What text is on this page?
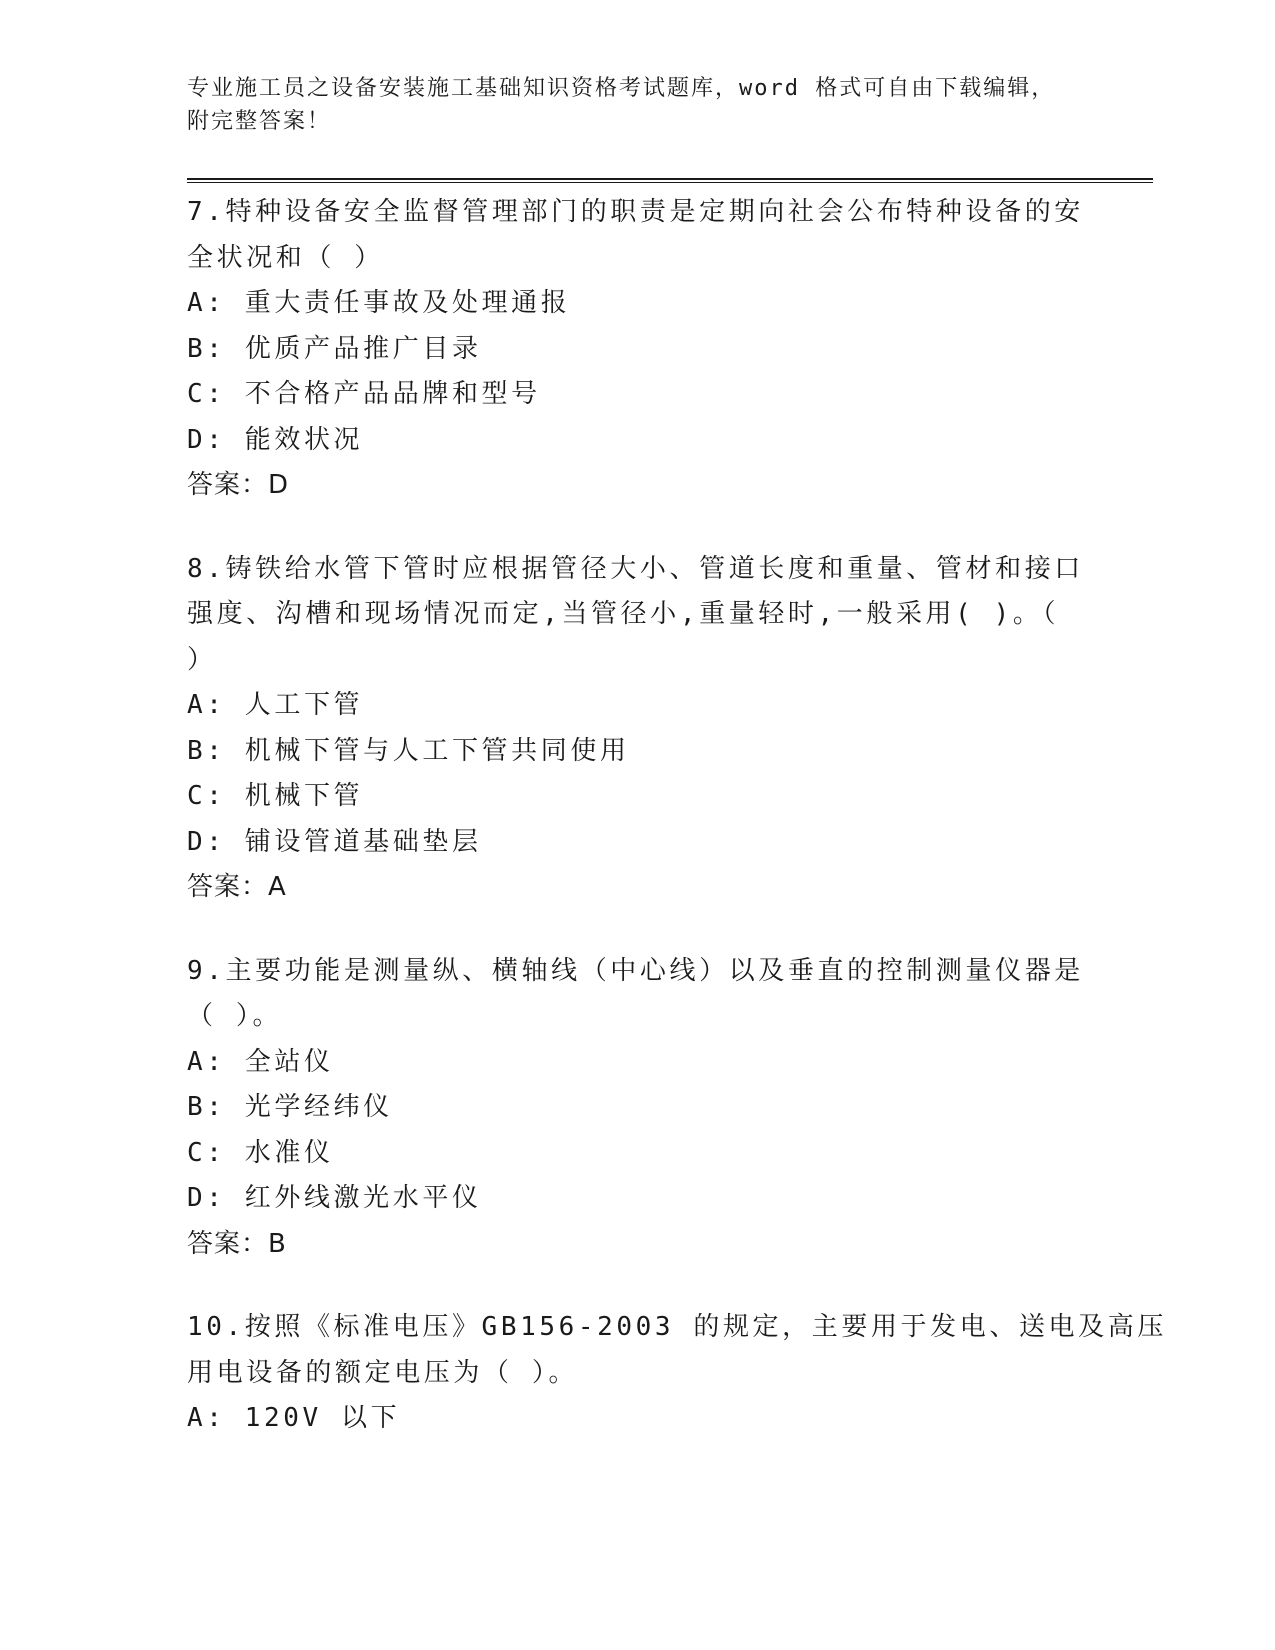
专业施工员之设备安装施工基础知识资格考试题库，word 格式可自由下载编辑，
附完整答案！
7.特种设备安全监督管理部门的职责是定期向社会公布特种设备的安
全状况和（ ）
A: 重大责任事故及处理通报
B: 优质产品推广目录
C: 不合格产品品牌和型号
D: 能效状况
答案：D
8.铸铁给水管下管时应根据管径大小、管道长度和重量、管材和接口
强度、沟槽和现场情况而定,当管径小,重量轻时,一般采用( )。（
）
A: 人工下管
B: 机械下管与人工下管共同使用
C: 机械下管
D: 铺设管道基础垫层
答案：A
9.主要功能是测量纵、横轴线（中心线）以及垂直的控制测量仪器是
（ ）。
A: 全站仪
B: 光学经纬仪
C: 水准仪
D: 红外线激光水平仪
答案：B
10.按照《标准电压》GB156-2003 的规定，主要用于发电、送电及高压
用电设备的额定电压为（ ）。
A: 120V 以下
